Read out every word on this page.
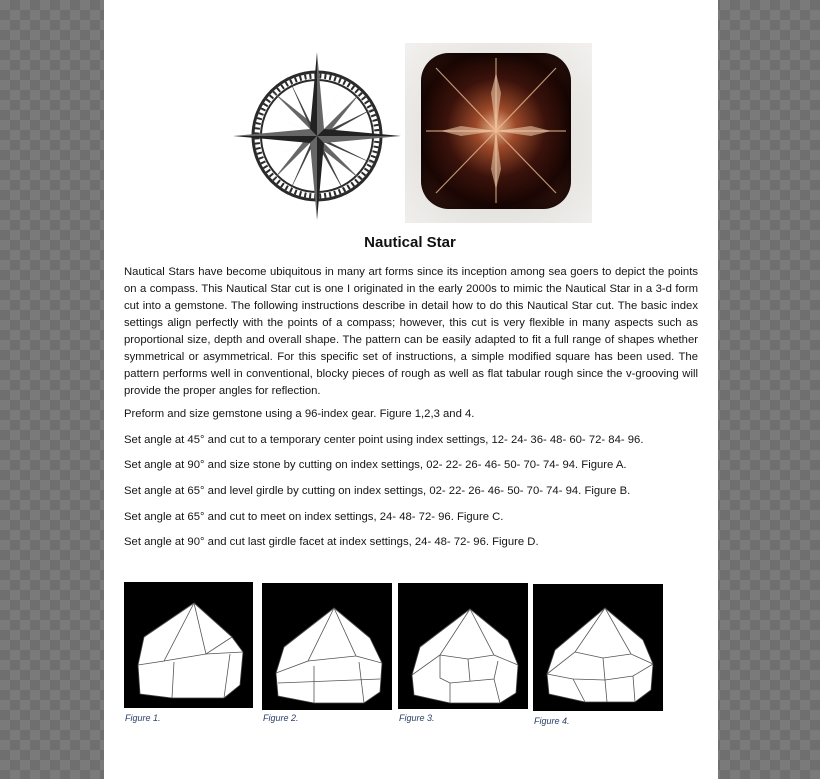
Nautical Star

Nautical Stars have become ubiquitous in many art forms since its inception among sea goers to depict the points on a compass. This Nautical Star cut is one I originated in the early 2000s to mimic the Nautical Star in a 3-d form cut into a gemstone. The following instructions describe in detail how to do this Nautical Star cut. The basic index settings align perfectly with the points of a compass; however, this cut is very flexible in many aspects such as proportional size, depth and overall shape. The pattern can be easily adapted to fit a full range of shapes whether symmetrical or asymmetrical. For this specific set of instructions, a simple modified square has been used. The pattern performs well in conventional, blocky pieces of rough as well as flat tabular rough since the v-grooving will provide the proper angles for reflection.

Preform and size gemstone using a 96-index gear. Figure 1,2,3 and 4.

Set angle at 45° and cut to a temporary center point using index settings, 12- 24- 36- 48- 60- 72- 84- 96.

Set angle at 90° and size stone by cutting on index settings, 02- 22- 26- 46- 50- 70- 74- 94. Figure A.

Set angle at 65° and level girdle by cutting on index settings, 02- 22- 26- 46- 50- 70- 74- 94. Figure B.

Set angle at 65° and cut to meet on index settings, 24- 48- 72- 96. Figure C.

Set angle at 90° and cut last girdle facet at index settings, 24- 48- 72- 96. Figure D.

Figure 1.	Figure 2.	Figure 3.	Figure 4.
